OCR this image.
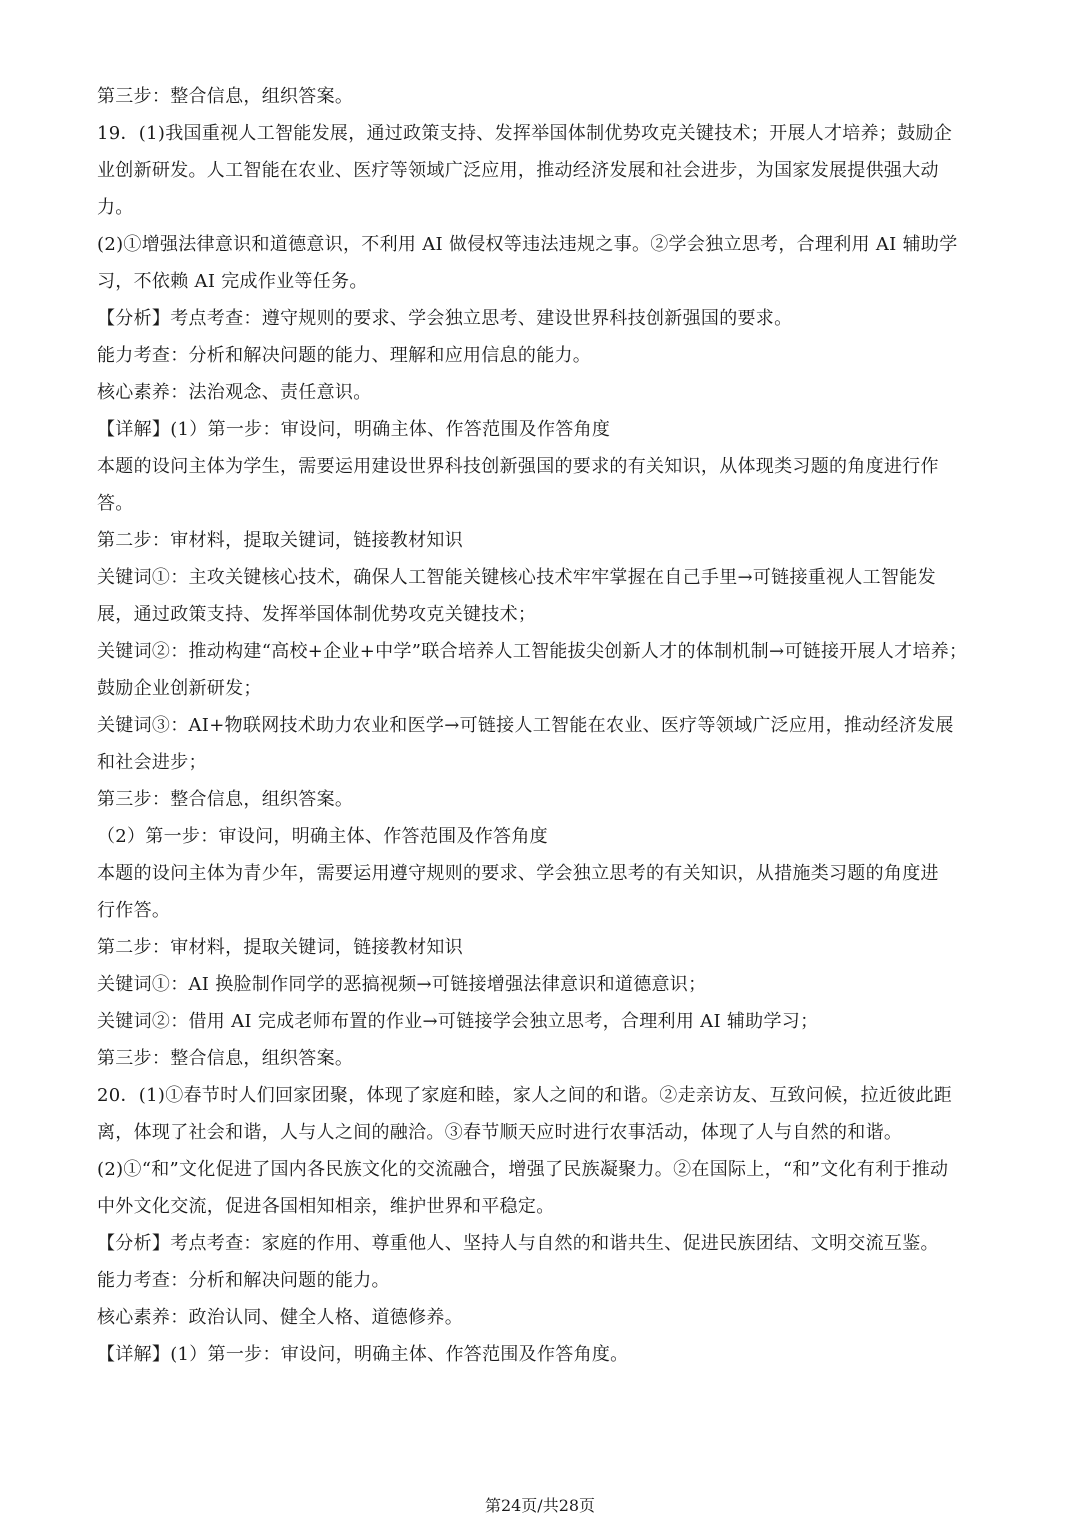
第三步：整合信息，组织答案。
19．(1)我国重视人工智能发展，通过政策支持、发挥举国体制优势攻克关键技术；开展人才培养；鼓励企
业创新研发。人工智能在农业、医疗等领域广泛应用，推动经济发展和社会进步，为国家发展提供强大动
力。
(2)①增强法律意识和道德意识，不利用 AI 做侵权等违法违规之事。②学会独立思考，合理利用 AI 辅助学
习，不依赖 AI 完成作业等任务。
【分析】考点考查：遵守规则的要求、学会独立思考、建设世界科技创新强国的要求。
能力考查：分析和解决问题的能力、理解和应用信息的能力。
核心素养：法治观念、责任意识。
【详解】(1）第一步：审设问，明确主体、作答范围及作答角度
本题的设问主体为学生，需要运用建设世界科技创新强国的要求的有关知识，从体现类习题的角度进行作
答。
第二步：审材料，提取关键词，链接教材知识
关键词①：主攻关键核心技术，确保人工智能关键核心技术牢牢掌握在自己手里→可链接重视人工智能发
展，通过政策支持、发挥举国体制优势攻克关键技术；
关键词②：推动构建“高校+企业+中学”联合培养人工智能拔尖创新人才的体制机制→可链接开展人才培养；
鼓励企业创新研发；
关键词③：AI+物联网技术助力农业和医学→可链接人工智能在农业、医疗等领域广泛应用，推动经济发展
和社会进步；
第三步：整合信息，组织答案。
（2）第一步：审设问，明确主体、作答范围及作答角度
本题的设问主体为青少年，需要运用遵守规则的要求、学会独立思考的有关知识，从措施类习题的角度进
行作答。
第二步：审材料，提取关键词，链接教材知识
关键词①：AI 换脸制作同学的恶搞视频→可链接增强法律意识和道德意识；
关键词②：借用 AI 完成老师布置的作业→可链接学会独立思考，合理利用 AI 辅助学习；
第三步：整合信息，组织答案。
20．(1)①春节时人们回家团聚，体现了家庭和睦，家人之间的和谐。②走亲访友、互致问候，拉近彼此距
离，体现了社会和谐，人与人之间的融洽。③春节顺天应时进行农事活动，体现了人与自然的和谐。
(2)①“和”文化促进了国内各民族文化的交流融合，增强了民族凝聚力。②在国际上，“和”文化有利于推动
中外文化交流，促进各国相知相亲，维护世界和平稳定。
【分析】考点考查：家庭的作用、尊重他人、坚持人与自然的和谐共生、促进民族团结、文明交流互鉴。
能力考查：分析和解决问题的能力。
核心素养：政治认同、健全人格、道德修养。
【详解】(1）第一步：审设问，明确主体、作答范围及作答角度。
第24页/共28页
